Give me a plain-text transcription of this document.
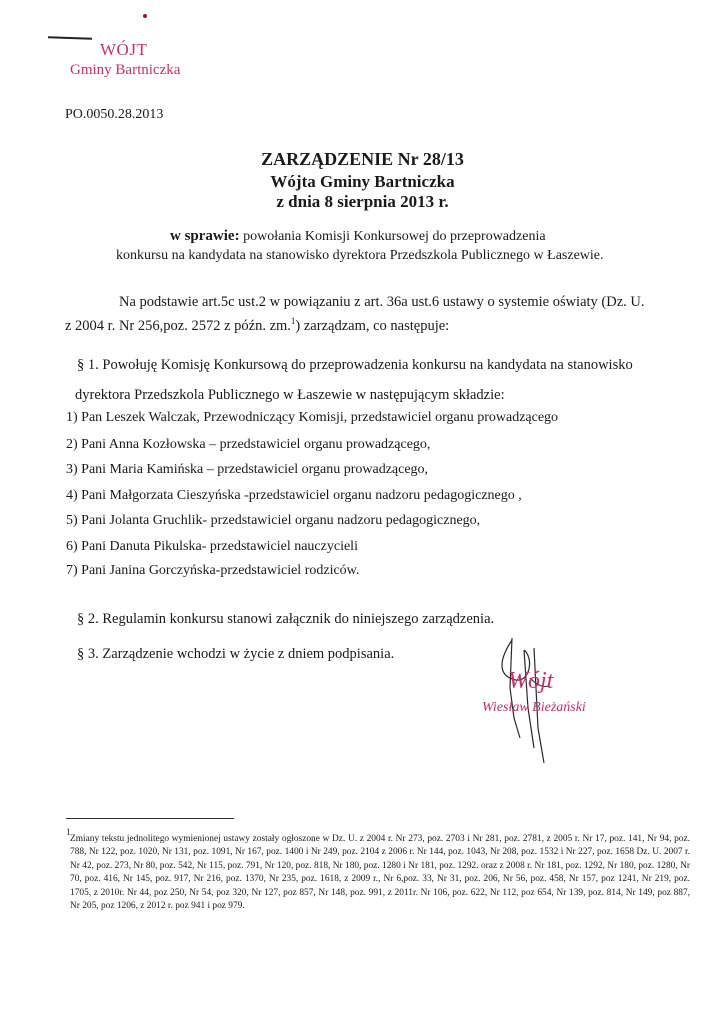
WÓJT
Gminy Bartniczka
PO.0050.28.2013
ZARZĄDZENIE Nr 28/13
Wójta Gminy Bartniczka
z dnia 8 sierpnia 2013 r.
w sprawie: powołania Komisji Konkursowej do przeprowadzenia
konkursu na kandydata na stanowisko dyrektora Przedszkola Publicznego w Łaszewie.
Na podstawie art.5c ust.2 w powiązaniu z art. 36a ust.6 ustawy o systemie oświaty (Dz. U.
z 2004 r. Nr 256,poz. 2572 z późn. zm.$^1$) zarządzam, co następuje:
§ 1. Powołuję Komisję Konkursową do przeprowadzenia konkursu na kandydata na stanowisko
dyrektora Przedszkola Publicznego w Łaszewie w następującym składzie:
1) Pan Leszek Walczak, Przewodniczący Komisji, przedstawiciel organu prowadzącego
2) Pani Anna Kozłowska – przedstawiciel organu prowadzącego,
3) Pani Maria Kamińska – przedstawiciel organu prowadzącego,
4) Pani Małgorzata Cieszyńska -przedstawiciel organu nadzoru pedagogicznego ,
5) Pani Jolanta Gruchlik- przedstawiciel organu nadzoru pedagogicznego,
6) Pani Danuta Pikulska- przedstawiciel nauczycieli
7) Pani Janina Gorczyńska-przedstawiciel rodziców.
§ 2. Regulamin konkursu stanowi załącznik do niniejszego zarządzenia.
§ 3. Zarządzenie wchodzi w życie z dniem podpisania.
Wójt
Wiesław Bieżański
1
Zmiany tekstu jednolitego wymienionej ustawy zostały ogłoszone w Dz. U. z 2004 r. Nr 273, poz. 2703 i Nr 281, poz. 2781, z 2005 r. Nr 17, poz. 141, Nr 94, poz. 788, Nr 122, poz. 1020, Nr 131, poz. 1091, Nr 167, poz. 1400 i Nr 249, poz. 2104 z 2006 r. Nr 144, poz. 1043, Nr 208, poz. 1532 i Nr 227, poz. 1658 Dz. U. 2007 r. Nr 42, poz. 273, Nr 80, poz. 542, Nr 115, poz. 791, Nr 120, poz. 818, Nr 180, poz. 1280 i Nr 181, poz. 1292. oraz z 2008 r. Nr 181, poz. 1292, Nr 180, poz. 1280, Nr 70, poz. 416, Nr 145, poz. 917, Nr 216, poz. 1370, Nr 235, poz. 1618, z 2009 r., Nr 6,poz. 33, Nr 31, poz. 206, Nr 56, poz. 458, Nr 157, poz 1241, Nr 219, poz. 1705, z 2010r. Nr 44, poz 250, Nr 54, poz 320, Nr 127, poz 857, Nr 148, poz. 991, z 2011r. Nr 106, poz. 622, Nr 112, poz 654, Nr 139, poz. 814, Nr 149, poz 887, Nr 205, poz 1206, z 2012 r. poz 941 i poz 979.
